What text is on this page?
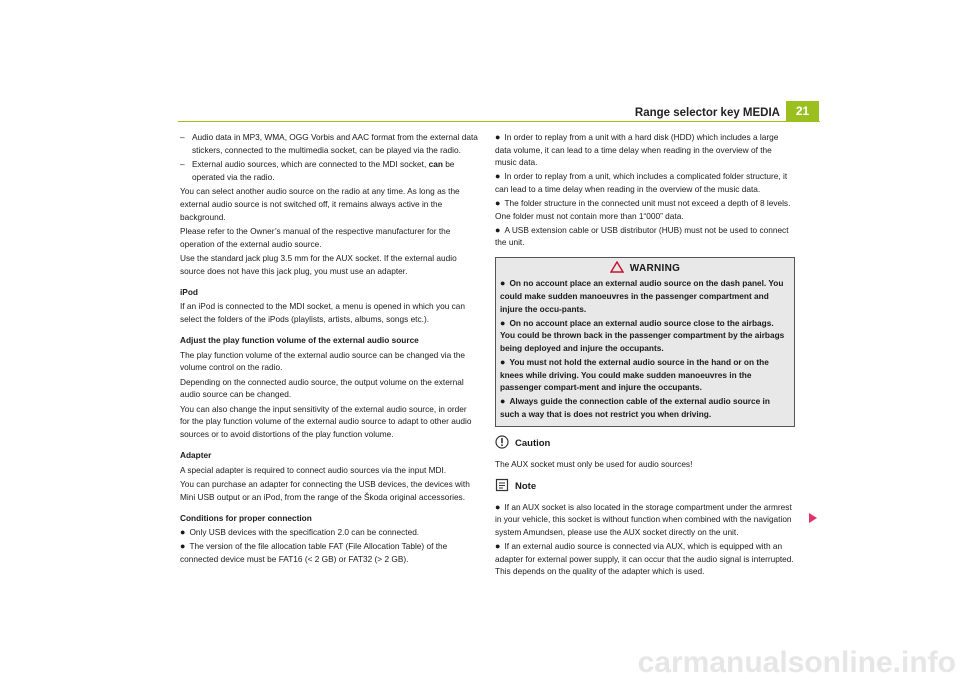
Range selector key MEDIA	21
– Audio data in MP3, WMA, OGG Vorbis and AAC format from the external data stickers, connected to the multimedia socket, can be played via the radio.
– External audio sources, which are connected to the MDI socket, can be operated via the radio.

You can select another audio source on the radio at any time. As long as the external audio source is not switched off, it remains always active in the background.

Please refer to the Owner’s manual of the respective manufacturer for the operation of the external audio source.

Use the standard jack plug 3.5 mm for the AUX socket. If the external audio source does not have this jack plug, you must use an adapter.

iPod

If an iPod is connected to the MDI socket, a menu is opened in which you can select the folders of the iPods (playlists, artists, albums, songs etc.).

Adjust the play function volume of the external audio source

The play function volume of the external audio source can be changed via the volume control on the radio.

Depending on the connected audio source, the output volume on the external audio source can be changed.

You can also change the input sensitivity of the external audio source, in order for the play function volume of the external audio source to adapt to other audio sources or to avoid distortions of the play function volume.

Adapter

A special adapter is required to connect audio sources via the input MDI.

You can purchase an adapter for connecting the USB devices, the devices with Mini USB output or an iPod, from the range of the Škoda original accessories.

Conditions for proper connection

● Only USB devices with the specification 2.0 can be connected.

● The version of the file allocation table FAT (File Allocation Table) of the connected device must be FAT16 (< 2 GB) or FAT32 (> 2 GB).

● In order to replay from a unit with a hard disk (HDD) which includes a large data volume, it can lead to a time delay when reading in the overview of the music data.

● In order to replay from a unit, which includes a complicated folder structure, it can lead to a time delay when reading in the overview of the music data.

● The folder structure in the connected unit must not exceed a depth of 8 levels. One folder must not contain more than 1“000” data.

● A USB extension cable or USB distributor (HUB) must not be used to connect the unit.

WARNING

● On no account place an external audio source on the dash panel. You could make sudden manoeuvres in the passenger compartment and injure the occu-pants.

● On no account place an external audio source close to the airbags. You could be thrown back in the passenger compartment by the airbags being deployed and injure the occupants.

● You must not hold the external audio source in the hand or on the knees while driving. You could make sudden manoeuvres in the passenger compart-ment and injure the occupants.

● Always guide the connection cable of the external audio source in such a way that is does not restrict you when driving.

Caution

The AUX socket must only be used for audio sources!

Note

● If an AUX socket is also located in the storage compartment under the armrest in your vehicle, this socket is without function when combined with the navigation system Amundsen, please use the AUX socket directly on the unit.

● If an external audio source is connected via AUX, which is equipped with an adapter for external power supply, it can occur that the audio signal is interrupted. This depends on the quality of the adapter which is used.

carmanualsonline.info
